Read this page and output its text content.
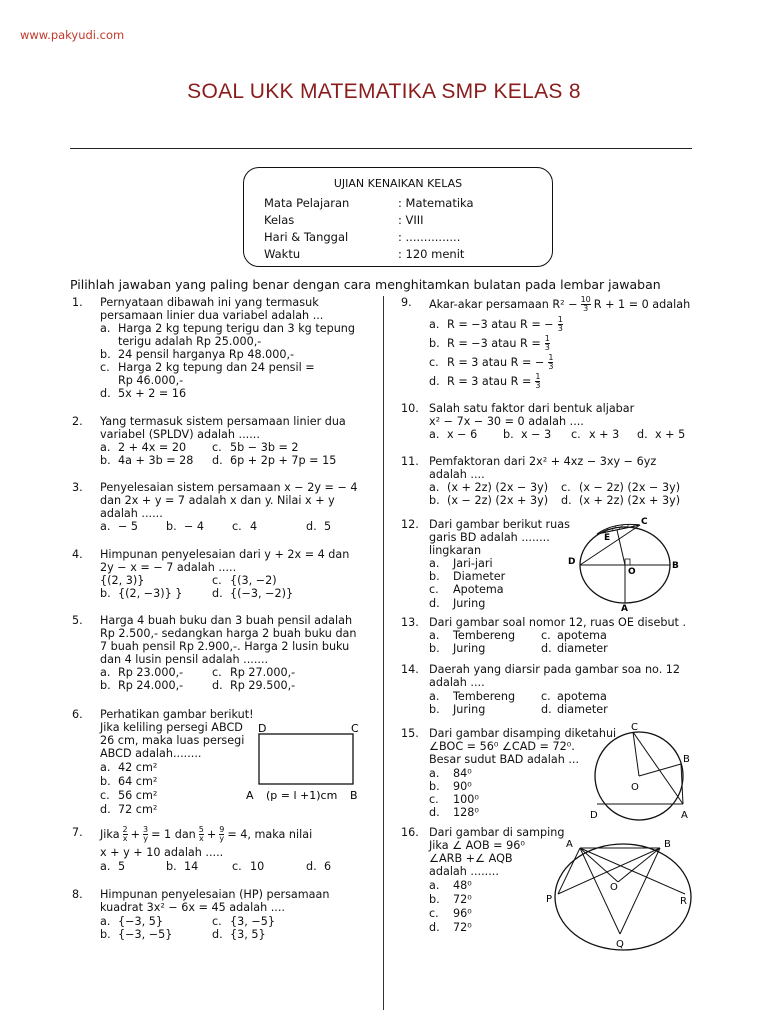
www.pakyudi.com
SOAL UKK MATEMATIKA SMP KELAS 8
UJIAN KENAIKAN KELAS
Mata Pelajaran	: Matematika
Kelas	: VIII
Hari & Tanggal	: ...............
Waktu	: 120 menit
Pilihlah jawaban yang paling benar dengan cara menghitamkan bulatan pada lembar jawaban
1. Pernyataan dibawah ini yang termasuk
persamaan linier dua variabel adalah ...
a. Harga 2 kg tepung terigu dan 3 kg tepung
terigu adalah Rp 25.000,-
b. 24 pensil harganya Rp 48.000,-
c. Harga 2 kg tepung dan 24 pensil =
Rp 46.000,-
d. 5x + 2 = 16
2. Yang termasuk sistem persamaan linier dua
variabel (SPLDV) adalah ......
a. 2 + 4x = 20 c. 5b − 3b = 2
b. 4a + 3b = 28 d. 6p + 2p + 7p = 15
3. Penyelesaian sistem persamaan x − 2y = − 4
dan 2x + y = 7 adalah x dan y. Nilai x + y
adalah ......
a. − 5 b. − 4 c. 4	d. 5
4. Himpunan penyelesaian dari y + 2x = 4 dan
2y − x = − 7 adalah .....
{(2, 3)}	c. {(3, −2)
b. {(2, −3)} }	d. {(−3, −2)}
5. Harga 4 buah buku dan 3 buah pensil adalah
Rp 2.500,- sedangkan harga 2 buah buku dan
7 buah pensil Rp 2.900,-. Harga 2 lusin buku
dan 4 lusin pensil adalah .......
a. Rp 23.000,-	c. Rp 27.000,-
b. Rp 24.000,-	d. Rp 29.500,-
6. Perhatikan gambar berikut!
Jika keliling persegi ABCD
26 cm, maka luas persegi
ABCD adalah........
a. 42 cm²
b. 64 cm²
c. 56 cm²
d. 72 cm²
D	C
A (p = l +1)cm B
7. Jika $\frac{2}{x} + \frac{3}{y} = 1$ dan $\frac{5}{x} + \frac{9}{y} = 4$, maka nilai
x + y + 10 adalah .....
a. 5	b. 14	c. 10	d. 6
8. Himpunan penyelesaian (HP) persamaan
kuadrat 3x² − 6x = 45 adalah ....
a. {−3, 5}	c. {3, −5}
b. {−3, −5}	d. {3, 5}
9. Akar-akar persamaan $R^2 - \frac{10}{3}$ R + 1 = 0 adalah
a. R = −3 atau R = − $\frac{1}{3}$
b. R = −3 atau $R = \frac{1}{3}$
c. R = 3 atau R = − $\frac{1}{3}$
d. R = 3 atau $R = \frac{1}{3}$
10. Salah satu faktor dari bentuk aljabar
x² − 7x − 30 = 0 adalah ....
a. x − 6 b. x − 3 c. x + 3 d. x + 5
11. Pemfaktoran dari 2x² + 4xz − 3xy − 6yz
adalah ....
a. (x + 2z) (2x − 3y) c. (x − 2z) (2x − 3y)
b. (x − 2z) (2x + 3y) d. (x + 2z) (2x + 3y)
12. Dari gambar berikut ruas
garis BD adalah ........
lingkaran
a. Jari-jari
b. Diameter
c. Apotema
d. Juring
C
E
D
O
B
A
13. Dari gambar soal nomor 12, ruas OE disebut .
a. Tembereng c. apotema
b. Juring	d. diameter
14. Daerah yang diarsir pada gambar soa no. 12
adalah ....
a. Tembereng c. apotema
b. Juring	d. diameter
15. Dari gambar disamping diketahui
∠BOC = 56⁰ ∠CAD = 72⁰.
Besar sudut BAD adalah ...
a. 84⁰
b. 90⁰
c. 100⁰
d. 128⁰
C
B
O
D	A
16. Dari gambar di samping
Jika ∠ AOB = 96⁰
∠ARB +∠ AQB
adalah ........
a. 48⁰
b. 72⁰
c. 96⁰
d. 72⁰
A	B
O
P	R
Q
